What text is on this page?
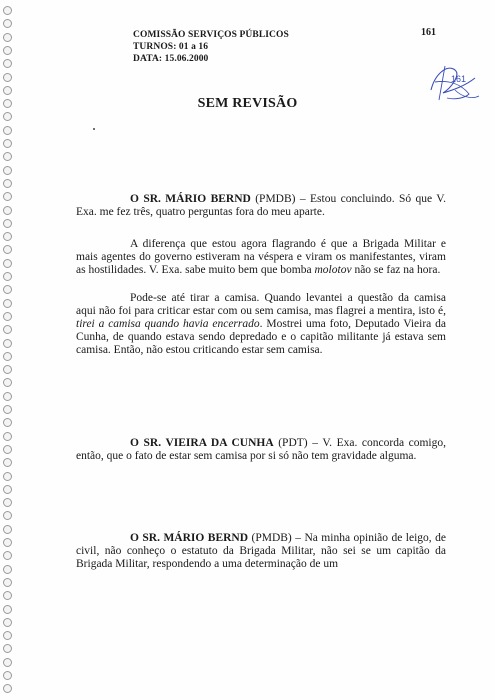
COMISSÃO SERVIÇOS PÚBLICOS
TURNOS: 01 a 16
DATA: 15.06.2000
161
161
SEM REVISÃO

O SR. MÁRIO BERND (PMDB) – Estou concluindo. Só que V. Exa. me fez três, quatro perguntas fora do meu aparte.

A diferença que estou agora flagrando é que a Brigada Militar e mais agentes do governo estiveram na véspera e viram os manifestantes, viram as hostilidades. V. Exa. sabe muito bem que bomba molotov não se faz na hora.

Pode-se até tirar a camisa. Quando levantei a questão da camisa aqui não foi para criticar estar com ou sem camisa, mas flagrei a mentira, isto é, tirei a camisa quando havia encerrado. Mostrei uma foto, Deputado Vieira da Cunha, de quando estava sendo depredado e o capitão militante já estava sem camisa. Então, não estou criticando estar sem camisa.

O SR. VIEIRA DA CUNHA (PDT) – V. Exa. concorda comigo, então, que o fato de estar sem camisa por si só não tem gravidade alguma.

O SR. MÁRIO BERND (PMDB) – Na minha opinião de leigo, de civil, não conheço o estatuto da Brigada Militar, não sei se um capitão da Brigada Militar, respondendo a uma determinação de um
